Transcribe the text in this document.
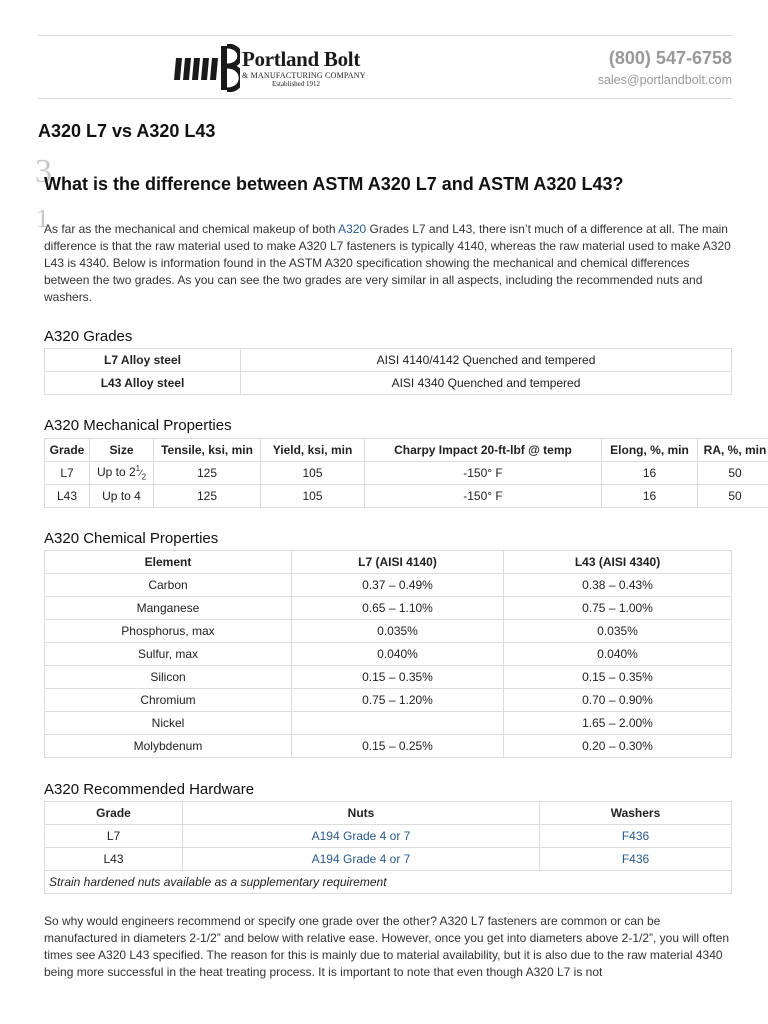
Portland Bolt
& MANUFACTURING COMPANY
Established 1912
(800) 547-6758
sales@portlandbolt.com
A320 L7 vs A320 L43
3
1
What is the difference between ASTM A320 L7 and ASTM A320 L43?

As far as the mechanical and chemical makeup of both A320 Grades L7 and L43, there isn’t much of a difference at all. The main difference is that the raw material used to make A320 L7 fasteners is typically 4140, whereas the raw material used to make A320 L43 is 4340. Below is information found in the ASTM A320 specification showing the mechanical and chemical differences between the two grades. As you can see the two grades are very similar in all aspects, including the recommended nuts and washers.

A320 Grades
L7 Alloy steel	AISI 4140/4142 Quenched and tempered
L43 Alloy steel	AISI 4340 Quenched and tempered
A320 Mechanical Properties
Grade	Size	Tensile, ksi, min	Yield, ksi, min	Charpy Impact 20-ft-lbf @ temp	Elong, %, min	RA, %, min
L7	Up to $2^1⁄_2$	125	105	-150° F	16	50
L43	Up to 4	125	105	-150° F	16	50
A320 Chemical Properties
Element	L7 (AISI 4140)	L43 (AISI 4340)
Carbon	0.37 – 0.49%	0.38 – 0.43%
Manganese	0.65 – 1.10%	0.75 – 1.00%
Phosphorus, max	0.035%	0.035%
Sulfur, max	0.040%	0.040%
Silicon	0.15 – 0.35%	0.15 – 0.35%
Chromium	0.75 – 1.20%	0.70 – 0.90%
Nickel		1.65 – 2.00%
Molybdenum	0.15 – 0.25%	0.20 – 0.30%
A320 Recommended Hardware
Grade	Nuts	Washers
L7	A194 Grade 4 or 7	F436
L43	A194 Grade 4 or 7	F436
Strain hardened nuts available as a supplementary requirement		

So why would engineers recommend or specify one grade over the other? A320 L7 fasteners are common or can be manufactured in diameters 2-1/2” and below with relative ease. However, once you get into diameters above 2-1/2”, you will often times see A320 L43 specified. The reason for this is mainly due to material availability, but it is also due to the raw material 4340 being more successful in the heat treating process. It is important to note that even though A320 L7 is not
